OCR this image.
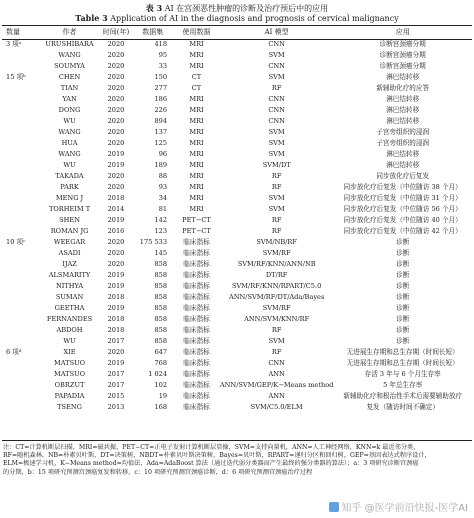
表 3 AI 在宫颈恶性肿瘤的诊断及治疗预后中的应用
Table 3 Application of AI in the diagnosis and prognosis of cervical malignancy
数量	作者	时间(年)	数据集	使用数据	AI 模型	应用
3 项ᵃ	URUSHIBARA	2020	418	MRI	CNN	诊断宫颈癌分期
	WANG	2020	95	MRI	SVM	诊断宫颈癌分期
	SOUMYA	2020	33	MRI	CNN	诊断宫颈癌分期
15 项ᵇ	CHEN	2020	150	CT	SVM	淋巴结转移
	TIAN	2020	277	CT	RF	新辅助化疗的应答
	YAN	2020	186	MRI	CNN	淋巴结转移
	DONG	2020	226	MRI	CNN	淋巴结转移
	WU	2020	894	MRI	CNN	淋巴结转移
	WANG	2020	137	MRI	SVM	子宫旁组织的浸润
	HUA	2020	125	MRI	SVM	子宫旁组织的浸润
	WANG	2019	96	MRI	SVM	淋巴结转移
	WU	2019	189	MRI	SVM/DT	淋巴结转移
	TAKADA	2020	88	MRI	RF	同步放化疗后复发
	PARK	2020	93	MRI	RF	同步放化疗后复发（中位随访 38 个月）
	MENG J	2018	34	MRI	SVM	同步放化疗后复发（中位随访 31 个月）
	TORHEIM T	2014	81	MRI	SVM	同步放化疗后复发（中位随访 56 个月）
	SHEN	2019	142	PET−CT	RF	同步放化疗后复发（中位随访 40 个月）
	ROMAN JG	2016	123	PET−CT	RF	同步放化疗后复发（中位随访 42 个月）
10 项ᶜ	WEEGAR	2020	175 533	临床指标	SVM/NB/RF	诊断
	ASADI	2020	145	临床指标	SVM/RF	诊断
	IJAZ	2020	858	临床指标	SVM/RF/KNN/ANN/NB	诊断
	ALSMARITY	2019	858	临床指标	DT/RF	诊断
	NITHYA	2019	858	临床指标	SVM/RF/KNN/RPART/C5.0	诊断
	SUMAN	2018	858	临床指标	ANN/SVM/RF/DT/Ada/Bayes	诊断
	GEETHA	2019	858	临床指标	SVM/RF	诊断
	FERNANDES	2018	858	临床指标	ANN/SVM/KNN/RF	诊断
	ABDOH	2018	858	临床指标	RF	诊断
	WU	2017	858	临床指标	SVM	诊断
6 项ᵈ	XIE	2020	647	临床指标	RF	无进展生存期和总生存期（时间长短）
	MATSUO	2019	768	临床指标	CNN	无进展生存期和总生存期（时间长短）
	MATSUO	2017	1 024	临床指标	ANN	存活 3 年与 6 个月生存率
	OBRZUT	2017	102	临床指标	ANN/SVM/GEP/K−Means method	5 年总生存率
	PAPADIA	2015	19	临床指标	ANN	新辅助化疗和根治性手术后需要辅助放疗
	TSENG	2013	168	临床指标	SVM/C5.0/ELM	复发（随访时间不确定）
注：CT=计算机断层扫描，MRI=磁共振，PET−CT=正电子发射计算机断层显像，SVM=支持向量机，ANN=人工神经网络，KNN=k 最近邻分类，
RF=随机森林，NB=朴素贝叶斯，DT=决策树，NBDT=朴素贝叶斯决策树，Bayes=贝叶斯，RPART=递归分区和回归树，GEP=基因表达式程序设计，
ELM=极速学习机，K−Means method=均值法，Ada=AdaBoost 算法（通过迭代弱分类器而产生最终的强分类器的算法）；a：3 项研究诊断宫颈癌
的分期，b：15 项研究预测宫颈癌复发和转移，c：10 项研究预测宫颈癌诊断，d：6 项研究预测宫颈癌治疗过程
知乎 @医学前沿快报-医学AI
